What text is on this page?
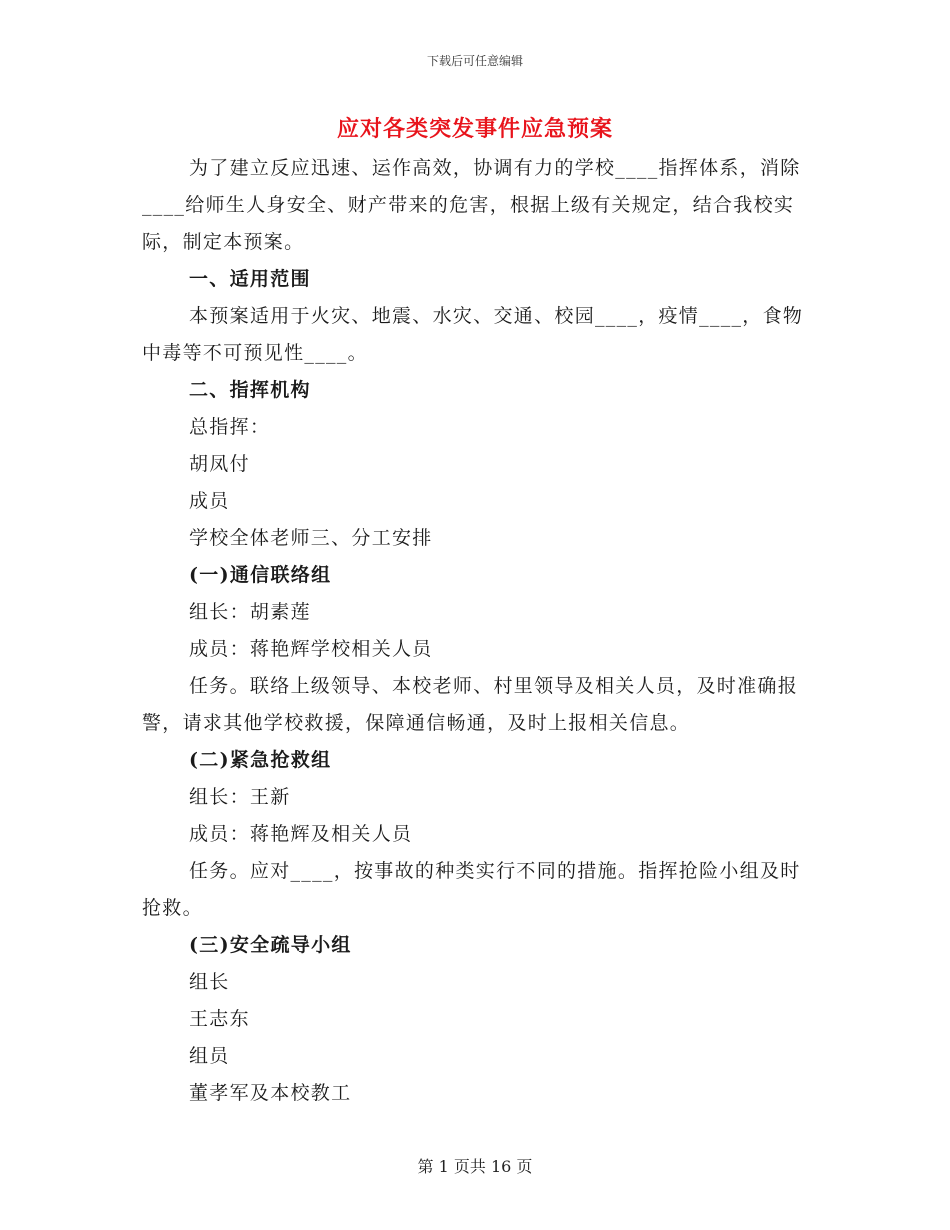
下载后可任意编辑
应对各类突发事件应急预案

为了建立反应迅速、运作高效，协调有力的学校____指挥体系，消除____给师生人身安全、财产带来的危害，根据上级有关规定，结合我校实际，制定本预案。

一、适用范围

本预案适用于火灾、地震、水灾、交通、校园____，疫情____，食物中毒等不可预见性____。

二、指挥机构

总指挥：

胡凤付

成员

学校全体老师三、分工安排

(一)通信联络组

组长：胡素莲

成员：蒋艳辉学校相关人员

任务。联络上级领导、本校老师、村里领导及相关人员，及时准确报警，请求其他学校救援，保障通信畅通，及时上报相关信息。

(二)紧急抢救组

组长：王新

成员：蒋艳辉及相关人员

任务。应对____，按事故的种类实行不同的措施。指挥抢险小组及时抢救。

(三)安全疏导小组

组长

王志东

组员

董孝军及本校教工

第 1 页共 16 页
